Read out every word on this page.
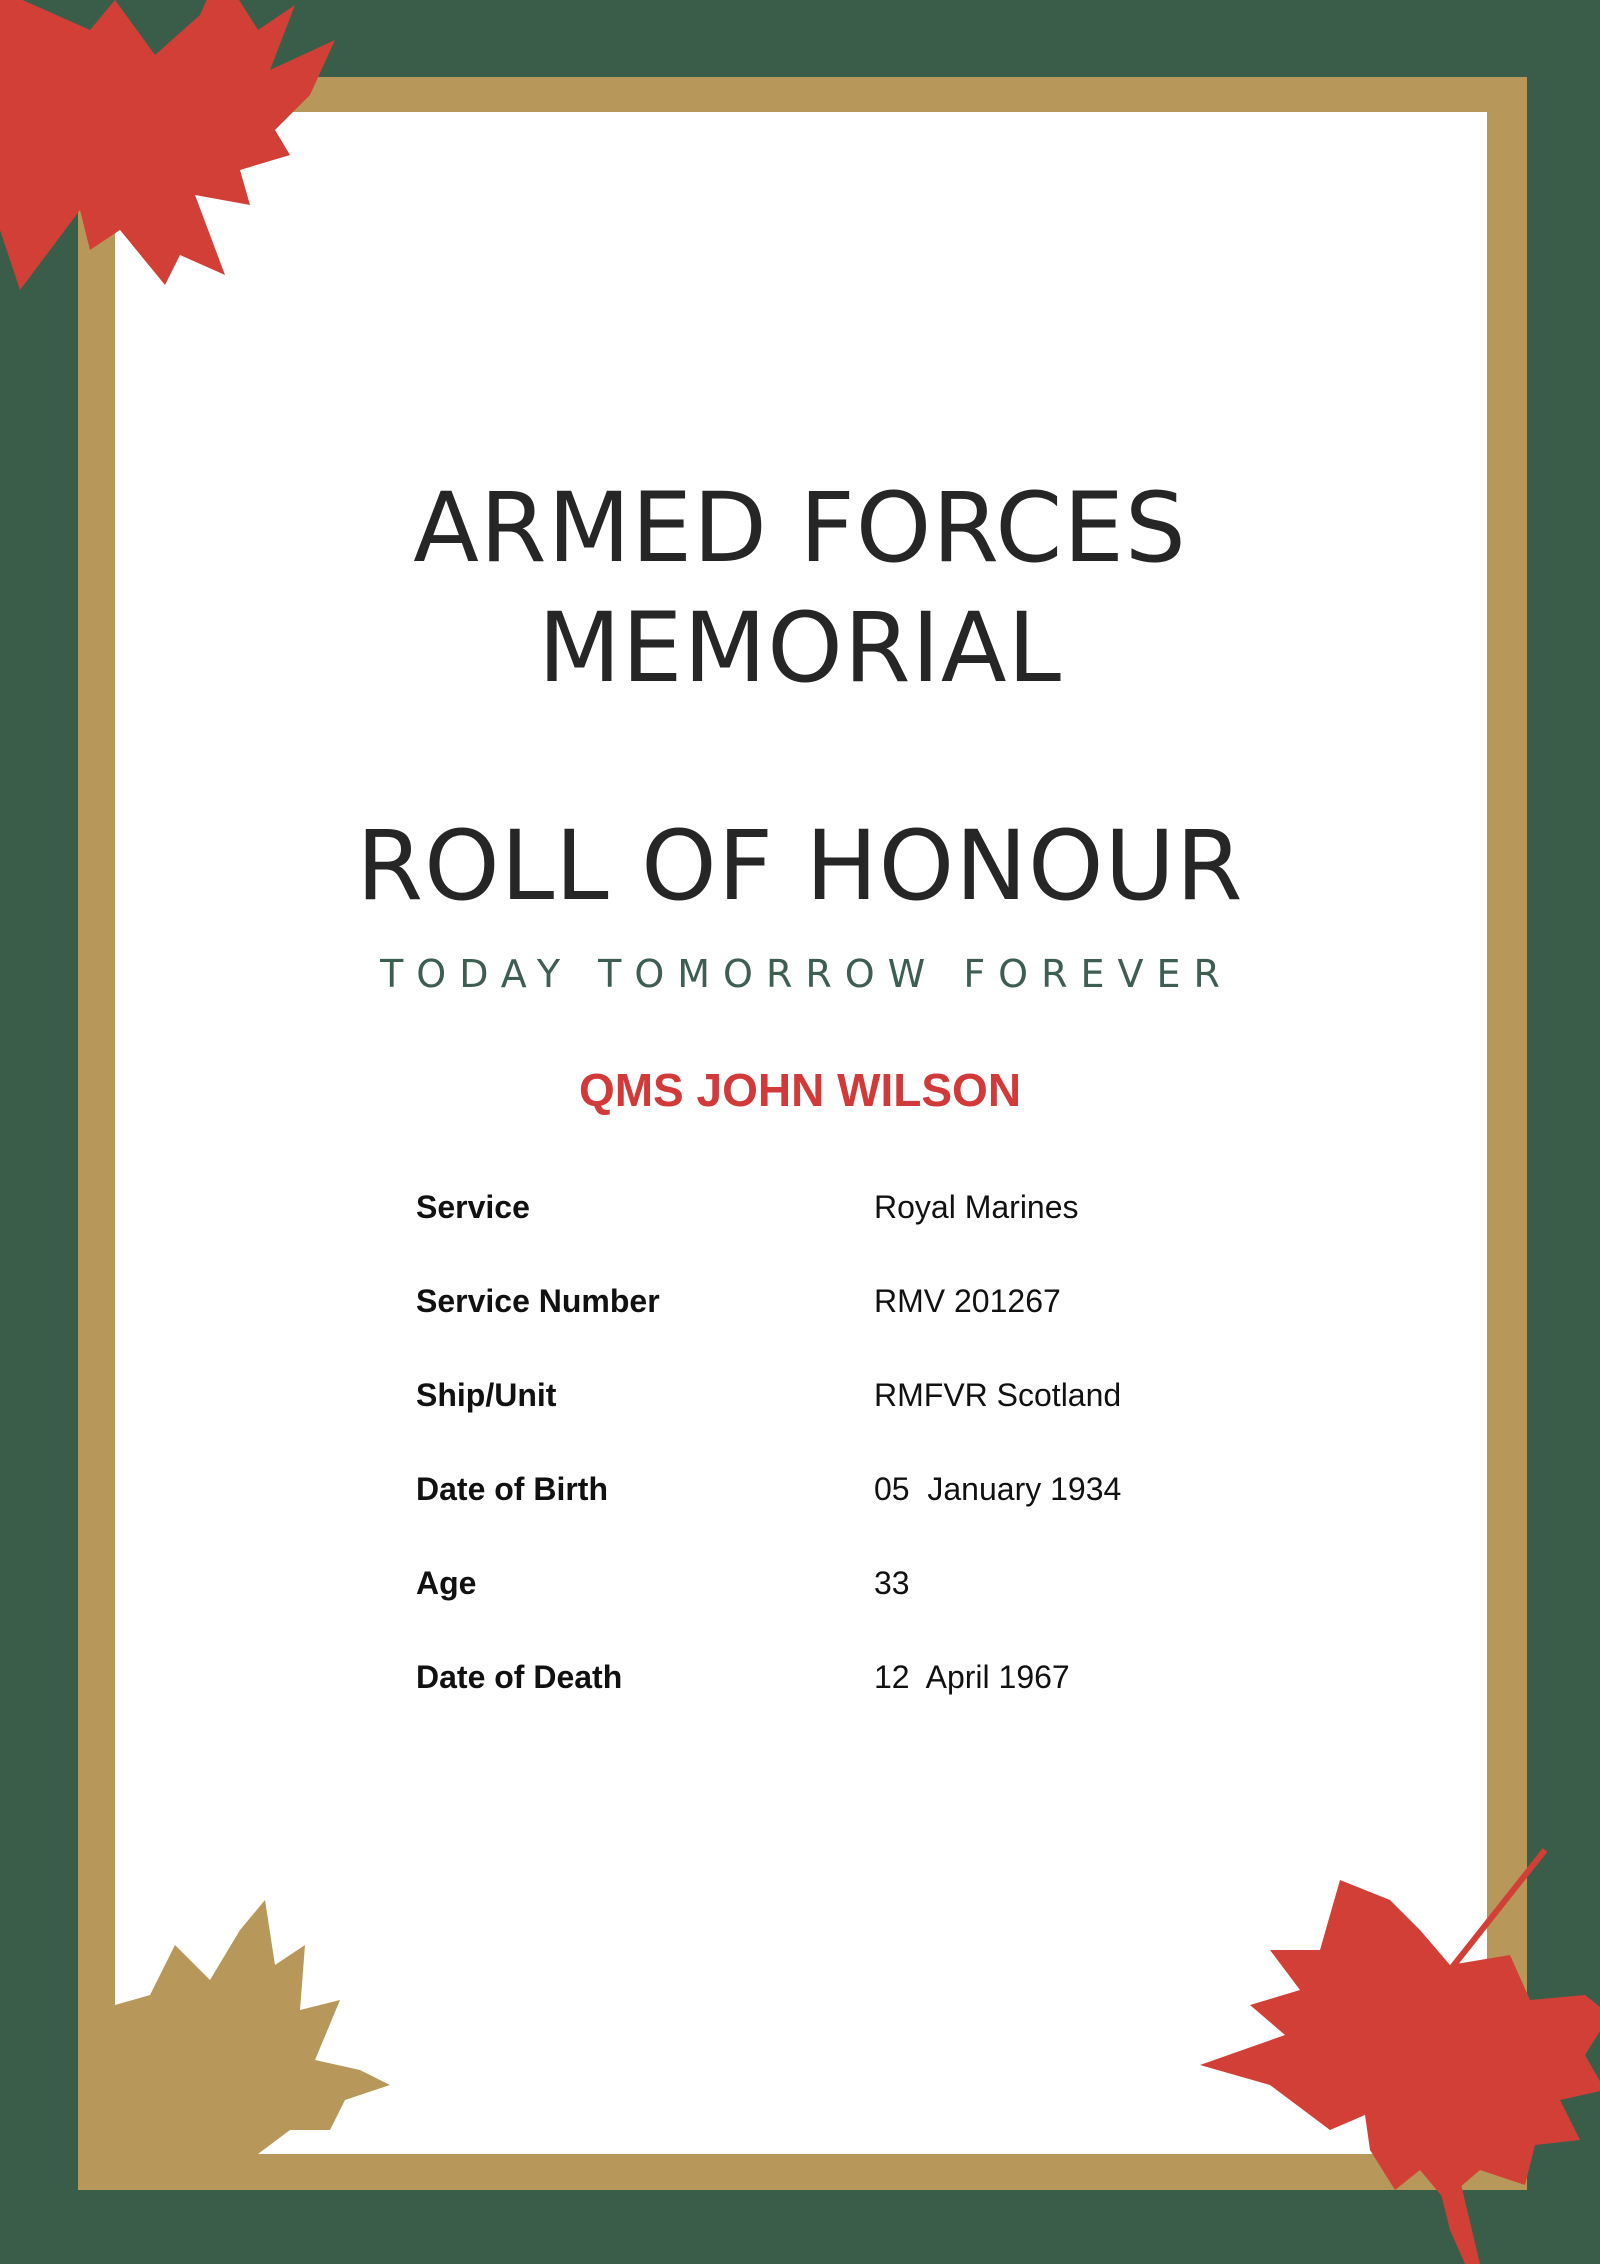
ARMED FORCES
MEMORIAL
ROLL OF HONOUR

TODAY TOMORROW FOREVER

QMS JOHN WILSON

Service	Royal Marines
Service Number	RMV 201267
Ship/Unit	RMFVR Scotland
Date of Birth	05  January 1934
Age	33
Date of Death	12  April 1967
